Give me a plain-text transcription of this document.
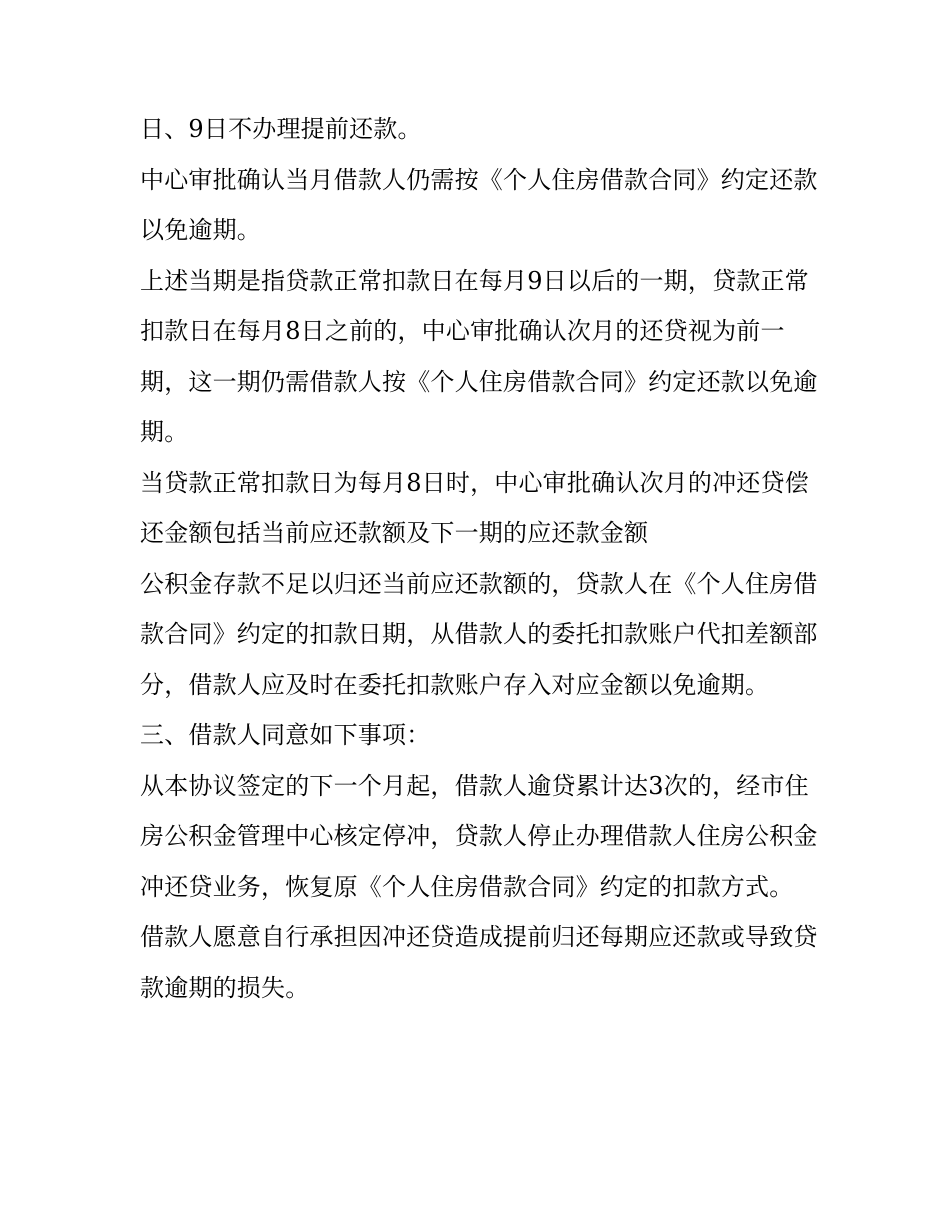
日、9日不办理提前还款。

中心审批确认当月借款人仍需按《个人住房借款合同》约定还款以免逾期。

上述当期是指贷款正常扣款日在每月9日以后的一期，贷款正常扣款日在每月8日之前的，中心审批确认次月的还贷视为前一期，这一期仍需借款人按《个人住房借款合同》约定还款以免逾期。

当贷款正常扣款日为每月8日时，中心审批确认次月的冲还贷偿还金额包括当前应还款额及下一期的应还款金额

公积金存款不足以归还当前应还款额的，贷款人在《个人住房借款合同》约定的扣款日期，从借款人的委托扣款账户代扣差额部分，借款人应及时在委托扣款账户存入对应金额以免逾期。

三、借款人同意如下事项：

从本协议签定的下一个月起，借款人逾贷累计达3次的，经市住房公积金管理中心核定停冲，贷款人停止办理借款人住房公积金冲还贷业务，恢复原《个人住房借款合同》约定的扣款方式。

借款人愿意自行承担因冲还贷造成提前归还每期应还款或导致贷款逾期的损失。
